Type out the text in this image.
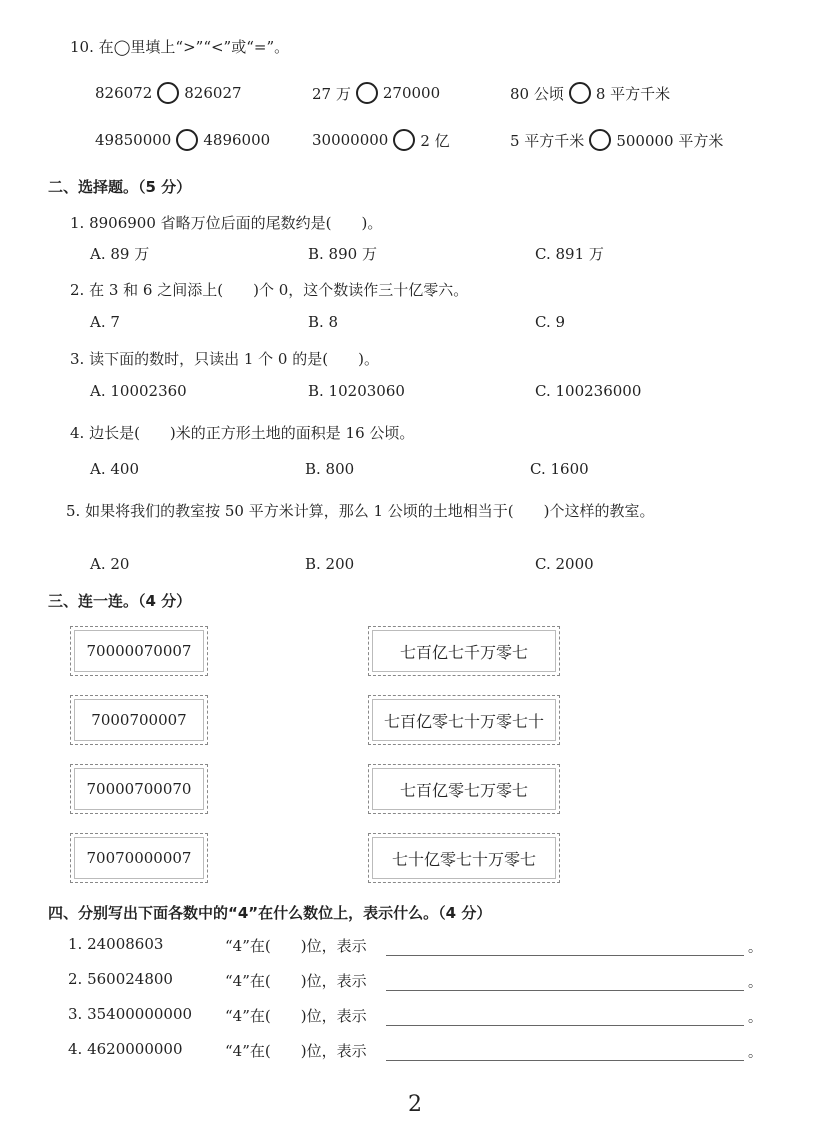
10. 在◯里填上“>”“<”或“=”。
826072 826027	27 万 270000	80 公顷 8 平方千米
49850000 4896000	30000000 2 亿	5 平方千米 500000 平方米
二、选择题。（5 分）
1. 8906900 省略万位后面的尾数约是(　　)。
A. 89 万	B. 890 万	C. 891 万
2. 在 3 和 6 之间添上(　　)个 0，这个数读作三十亿零六。
A. 7	B. 8	C. 9
3. 读下面的数时，只读出 1 个 0 的是(　　)。
A. 10002360	B. 10203060	C. 100236000
4. 边长是(　　)米的正方形土地的面积是 16 公顷。
A. 400	B. 800	C. 1600
5. 如果将我们的教室按 50 平方米计算，那么 1 公顷的土地相当于(　　)个这样的教室。
A. 20	B. 200	C. 2000
三、连一连。（4 分）
70000070007
7000700007
70000700070
70070000007
七百亿七千万零七
七百亿零七十万零七十
七百亿零七万零七
七十亿零七十万零七
四、分别写出下面各数中的“4”在什么数位上，表示什么。（4 分）
1. 24008603	“4”在(　　)位，表示	。
2. 560024800	“4”在(　　)位，表示	。
3. 35400000000 “4”在(　　)位，表示	。
4. 4620000000	“4”在(　　)位，表示	。
2
